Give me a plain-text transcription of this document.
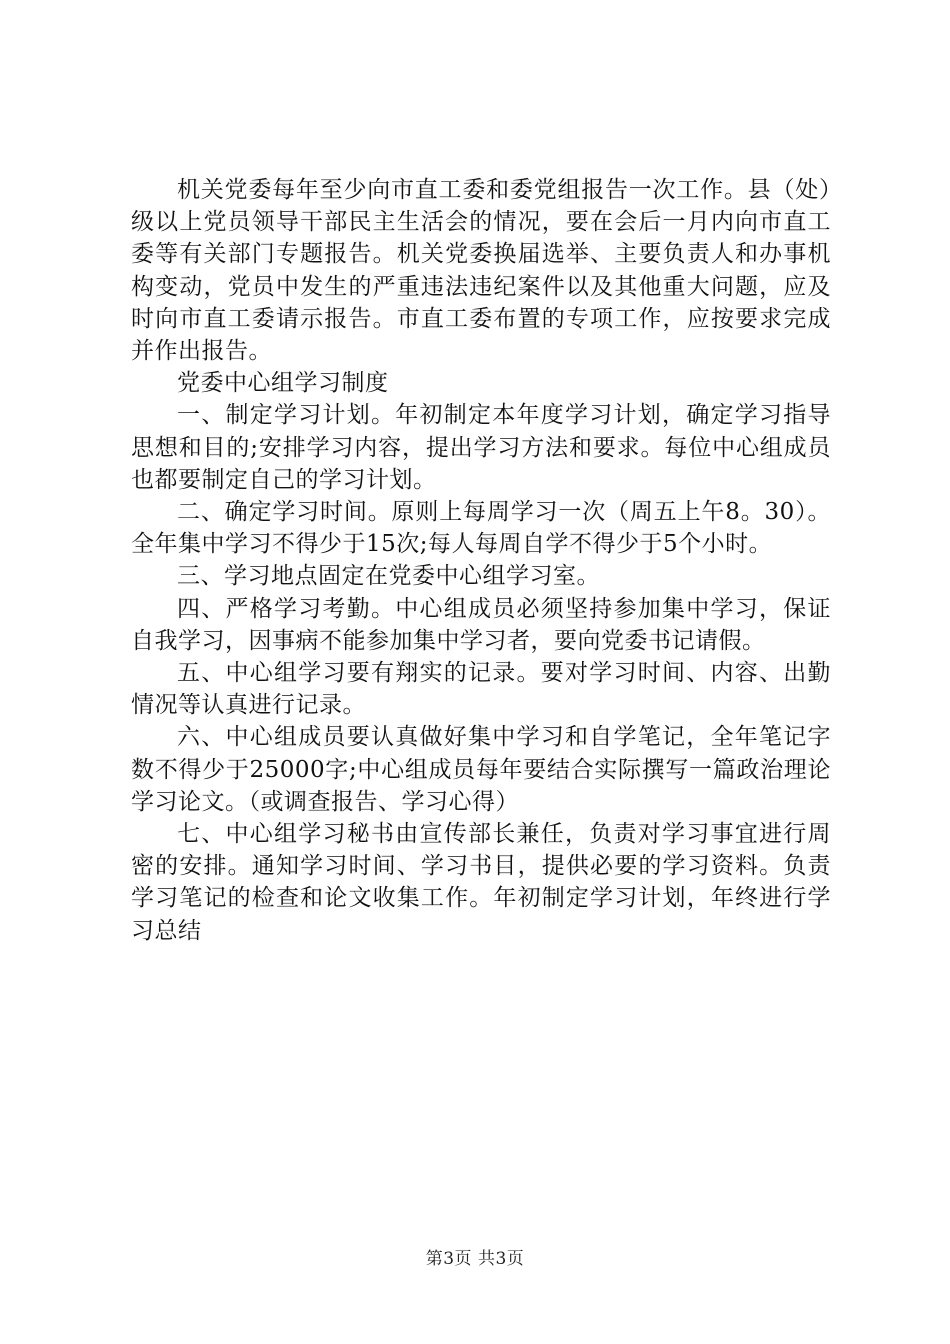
机关党委每年至少向市直工委和委党组报告一次工作。县（处）级以上党员领导干部民主生活会的情况，要在会后一月内向市直工委等有关部门专题报告。机关党委换届选举、主要负责人和办事机构变动，党员中发生的严重违法违纪案件以及其他重大问题，应及时向市直工委请示报告。市直工委布置的专项工作，应按要求完成并作出报告。

党委中心组学习制度

一、制定学习计划。年初制定本年度学习计划，确定学习指导思想和目的;安排学习内容，提出学习方法和要求。每位中心组成员也都要制定自己的学习计划。

二、确定学习时间。原则上每周学习一次（周五上午8。30）。全年集中学习不得少于15次;每人每周自学不得少于5个小时。

三、学习地点固定在党委中心组学习室。

四、严格学习考勤。中心组成员必须坚持参加集中学习，保证自我学习，因事病不能参加集中学习者，要向党委书记请假。

五、中心组学习要有翔实的记录。要对学习时间、内容、出勤情况等认真进行记录。

六、中心组成员要认真做好集中学习和自学笔记，全年笔记字数不得少于25000字;中心组成员每年要结合实际撰写一篇政治理论学习论文。（或调查报告、学习心得）

七、中心组学习秘书由宣传部长兼任，负责对学习事宜进行周密的安排。通知学习时间、学习书目，提供必要的学习资料。负责学习笔记的检查和论文收集工作。年初制定学习计划，年终进行学习总结

第3页 共3页
